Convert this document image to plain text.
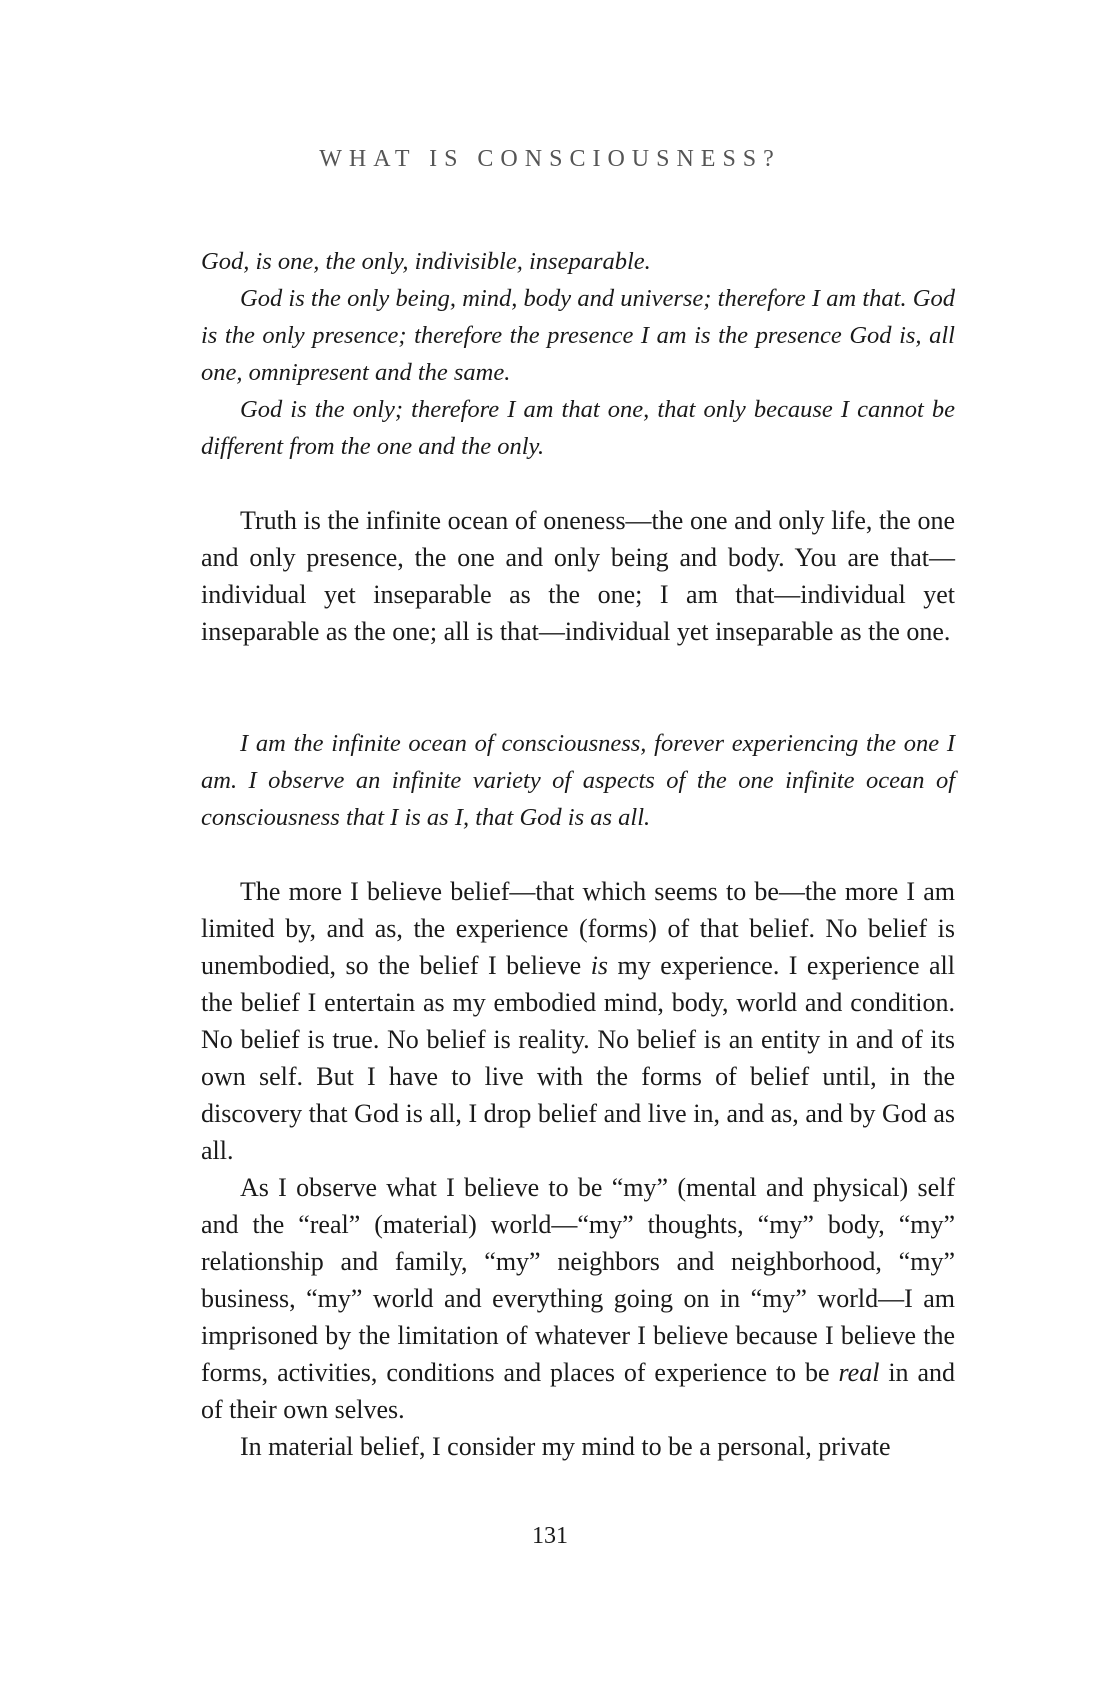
WHAT IS CONSCIOUSNESS?

God, is one, the only, indivisible, inseparable.

God is the only being, mind, body and universe; therefore I am that. God is the only presence; therefore the presence I am is the presence God is, all one, omnipresent and the same.

God is the only; therefore I am that one, that only because I cannot be different from the one and the only.

Truth is the infinite ocean of oneness—the one and only life, the one and only presence, the one and only being and body. You are that—individual yet inseparable as the one; I am that—individual yet inseparable as the one; all is that—individual yet inseparable as the one.

I am the infinite ocean of consciousness, forever experiencing the one I am. I observe an infinite variety of aspects of the one infinite ocean of consciousness that I is as I, that God is as all.

The more I believe belief—that which seems to be—the more I am limited by, and as, the experience (forms) of that belief. No belief is unembodied, so the belief I believe is my experience. I experience all the belief I entertain as my embodied mind, body, world and condition. No belief is true. No belief is reality. No belief is an entity in and of its own self. But I have to live with the forms of belief until, in the discovery that God is all, I drop belief and live in, and as, and by God as all.

As I observe what I believe to be “my” (mental and physical) self and the “real” (material) world—“my” thoughts, “my” body, “my” relationship and family, “my” neighbors and neighborhood, “my” business, “my” world and everything going on in “my” world—I am imprisoned by the limitation of whatever I believe because I believe the forms, activities, conditions and places of experience to be real in and of their own selves.

In material belief, I consider my mind to be a personal, private

131
